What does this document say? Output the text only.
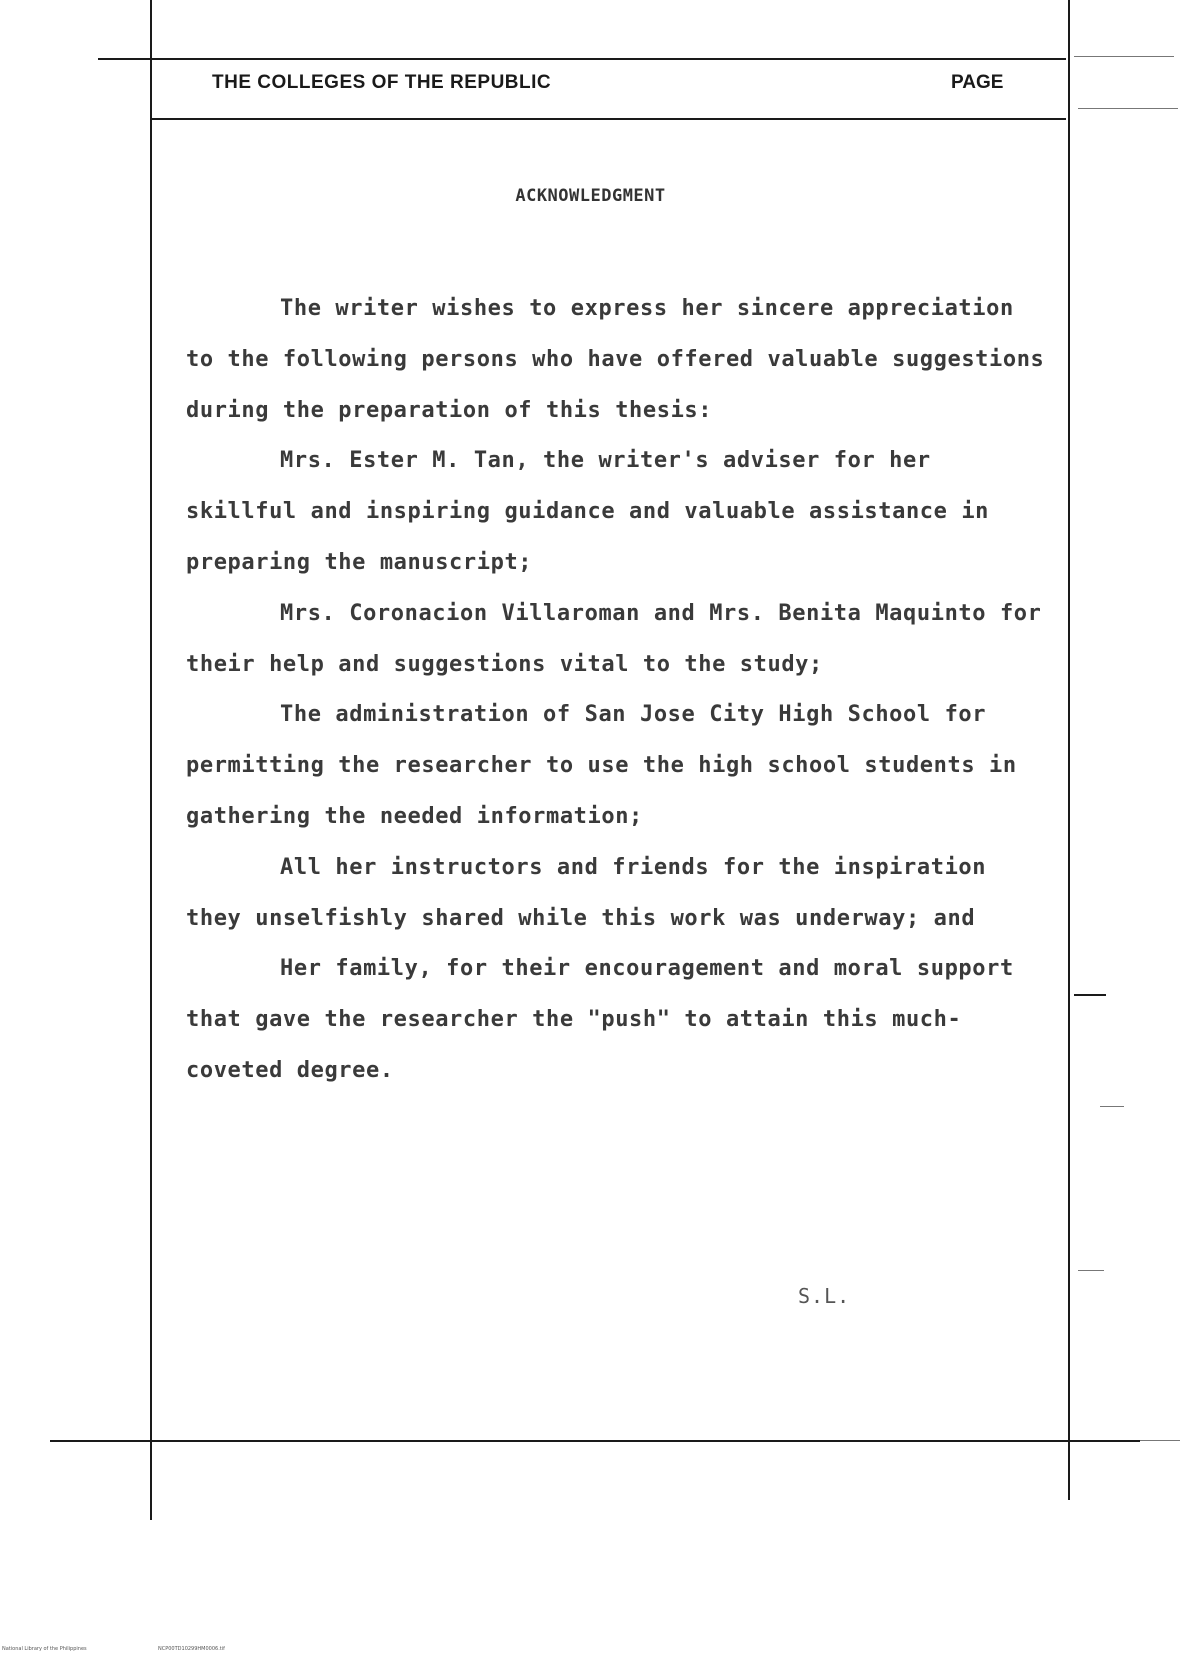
THE COLLEGES OF THE REPUBLIC	PAGE
ACKNOWLEDGMENT

The writer wishes to express her sincere appreciation to the following persons who have offered valuable suggestions during the preparation of this thesis:

Mrs. Ester M. Tan, the writer's adviser for her skillful and inspiring guidance and valuable assistance in preparing the manuscript;

Mrs. Coronacion Villaroman and Mrs. Benita Maquinto for their help and suggestions vital to the study;

The administration of San Jose City High School for permitting the researcher to use the high school students in gathering the needed information;

All her instructors and friends for the inspiration they unselfishly shared while this work was underway; and

Her family, for their encouragement and moral support that gave the researcher the "push" to attain this much-coveted degree.

S.L.
National Library of the Philippines	NCP00TD10299HM0006.tif
